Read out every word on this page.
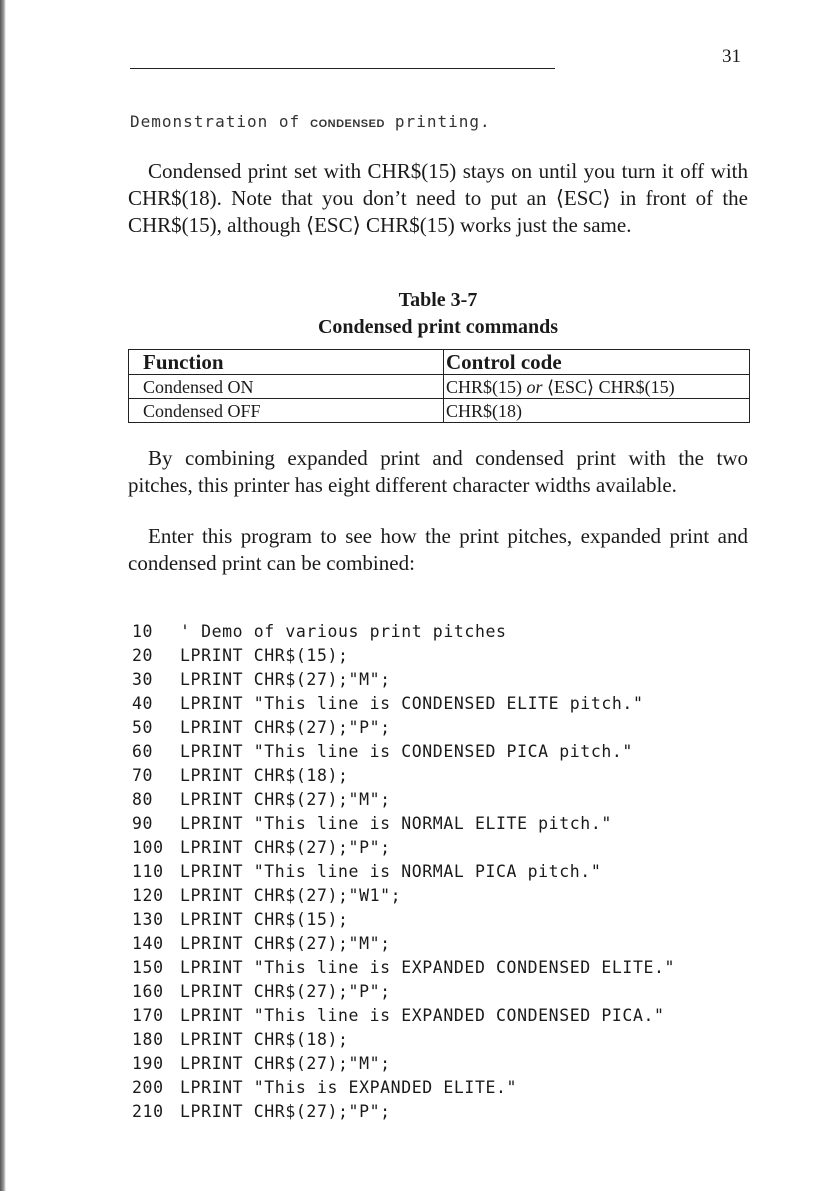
31
Demonstration of CONDENSED printing.

Condensed print set with CHR$(15) stays on until you turn it off with CHR$(18). Note that you don’t need to put an ⟨ESC⟩ in front of the CHR$(15), although ⟨ESC⟩ CHR$(15) works just the same.

Table 3-7
Condensed print commands
Function	Control code
Condensed ON	CHR$(15) or ⟨ESC⟩ CHR$(15)
Condensed OFF	CHR$(18)

By combining expanded print and condensed print with the two pitches, this printer has eight different character widths available.

Enter this program to see how the print pitches, expanded print and condensed print can be combined:

10 ' Demo of various print pitches
20 LPRINT CHR$(15);
30 LPRINT CHR$(27);"M";
40 LPRINT "This line is CONDENSED ELITE pitch."
50 LPRINT CHR$(27);"P";
60 LPRINT "This line is CONDENSED PICA pitch."
70 LPRINT CHR$(18);
80 LPRINT CHR$(27);"M";
90 LPRINT "This line is NORMAL ELITE pitch."
100 LPRINT CHR$(27);"P";
110 LPRINT "This line is NORMAL PICA pitch."
120 LPRINT CHR$(27);"W1";
130 LPRINT CHR$(15);
140 LPRINT CHR$(27);"M";
150 LPRINT "This line is EXPANDED CONDENSED ELITE."
160 LPRINT CHR$(27);"P";
170 LPRINT "This line is EXPANDED CONDENSED PICA."
180 LPRINT CHR$(18);
190 LPRINT CHR$(27);"M";
200 LPRINT "This is EXPANDED ELITE."
210 LPRINT CHR$(27);"P";
